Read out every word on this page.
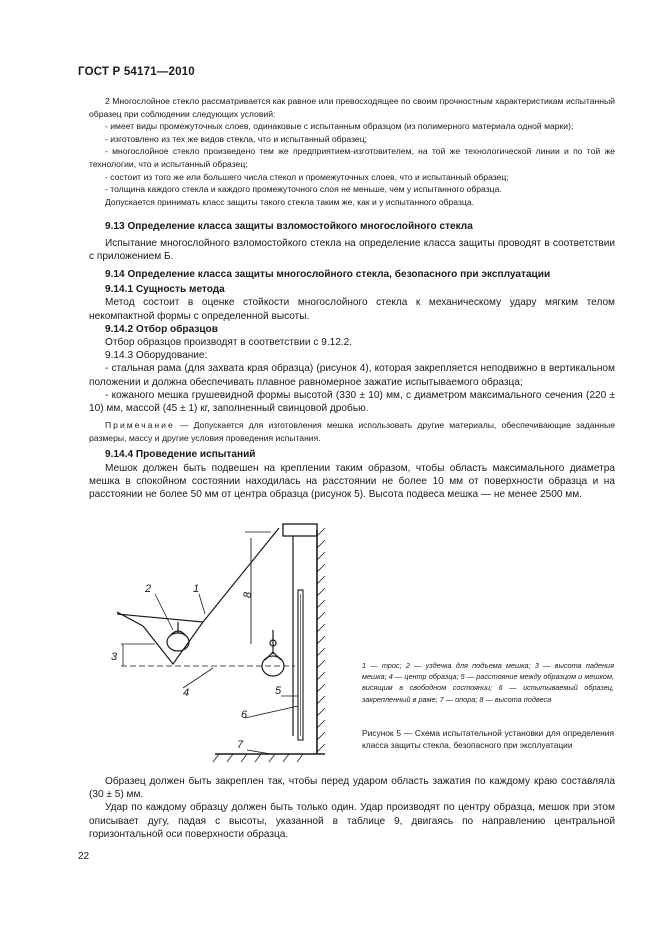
ГОСТ Р 54171—2010
2 Многослойное стекло рассматривается как равное или превосходящее по своим прочностным характеристикам испытанный образец при соблюдении следующих условий:
- имеет виды промежуточных слоев, одинаковые с испытанным образцом (из полимерного материала одной марки);
- изготовлено из тех же видов стекла, что и испытанный образец;
- многослойное стекло произведено тем же предприятием-изготовителем, на той же технологической линии и по той же технологии, что и испытанный образец;
- состоит из того же или большего числа стекол и промежуточных слоев, что и испытанный образец;
- толщина каждого стекла и каждого промежуточного слоя не меньше, чем у испытанного образца.
Допускается принимать класс защиты такого стекла таким же, как и у испытанного образца.
9.13 Определение класса защиты взломостойкого многослойного стекла
Испытание многослойного взломостойкого стекла на определение класса защиты проводят в соответствии с приложением Б.
9.14 Определение класса защиты многослойного стекла, безопасного при эксплуатации
9.14.1 Сущность метода
Метод состоит в оценке стойкости многослойного стекла к механическому удару мягким телом некомпактной формы с определенной высоты.
9.14.2 Отбор образцов
Отбор образцов производят в соответствии с 9.12.2.
9.14.3 Оборудование:
- стальная рама (для захвата края образца) (рисунок 4), которая закрепляется неподвижно в вертикальном положении и должна обеспечивать плавное равномерное зажатие испытываемого образца;
- кожаного мешка грушевидной формы высотой (330 ± 10) мм, с диаметром максимального сечения (220 ± 10) мм, массой (45 ± 1) кг, заполненный свинцовой дробью.
Примечание — Допускается для изготовления мешка использовать другие материалы, обеспечивающие заданные размеры, массу и другие условия проведения испытания.
9.14.4 Проведение испытаний
Мешок должен быть подвешен на креплении таким образом, чтобы область максимального диаметра мешка в спокойном состоянии находилась на расстоянии не более 10 мм от поверхности образца и на расстоянии не более 50 мм от центра образца (рисунок 5). Высота подвеса мешка — не менее 2500 мм.
1
2
3
4	5
6
7
8
1 — трос; 2 — уздечка для подъема мешка; 3 — высота падения мешка; 4 — центр образца; 5 — расстояние между образцом и мешком, висящим в свободном состоянии; 6 — испытываемый образец, закрепленный в раме; 7 — опора; 8 — высота подвеса
Рисунок 5 — Схема испытательной установки для определения класса защиты стекла, безопасного при эксплуатации
Образец должен быть закреплен так, чтобы перед ударом область зажатия по каждому краю составляла (30 ± 5) мм.
Удар по каждому образцу должен быть только один. Удар производят по центру образца, мешок при этом описывает дугу, падая с высоты, указанной в таблице 9, двигаясь по направлению центральной горизонтальной оси поверхности образца.
22
